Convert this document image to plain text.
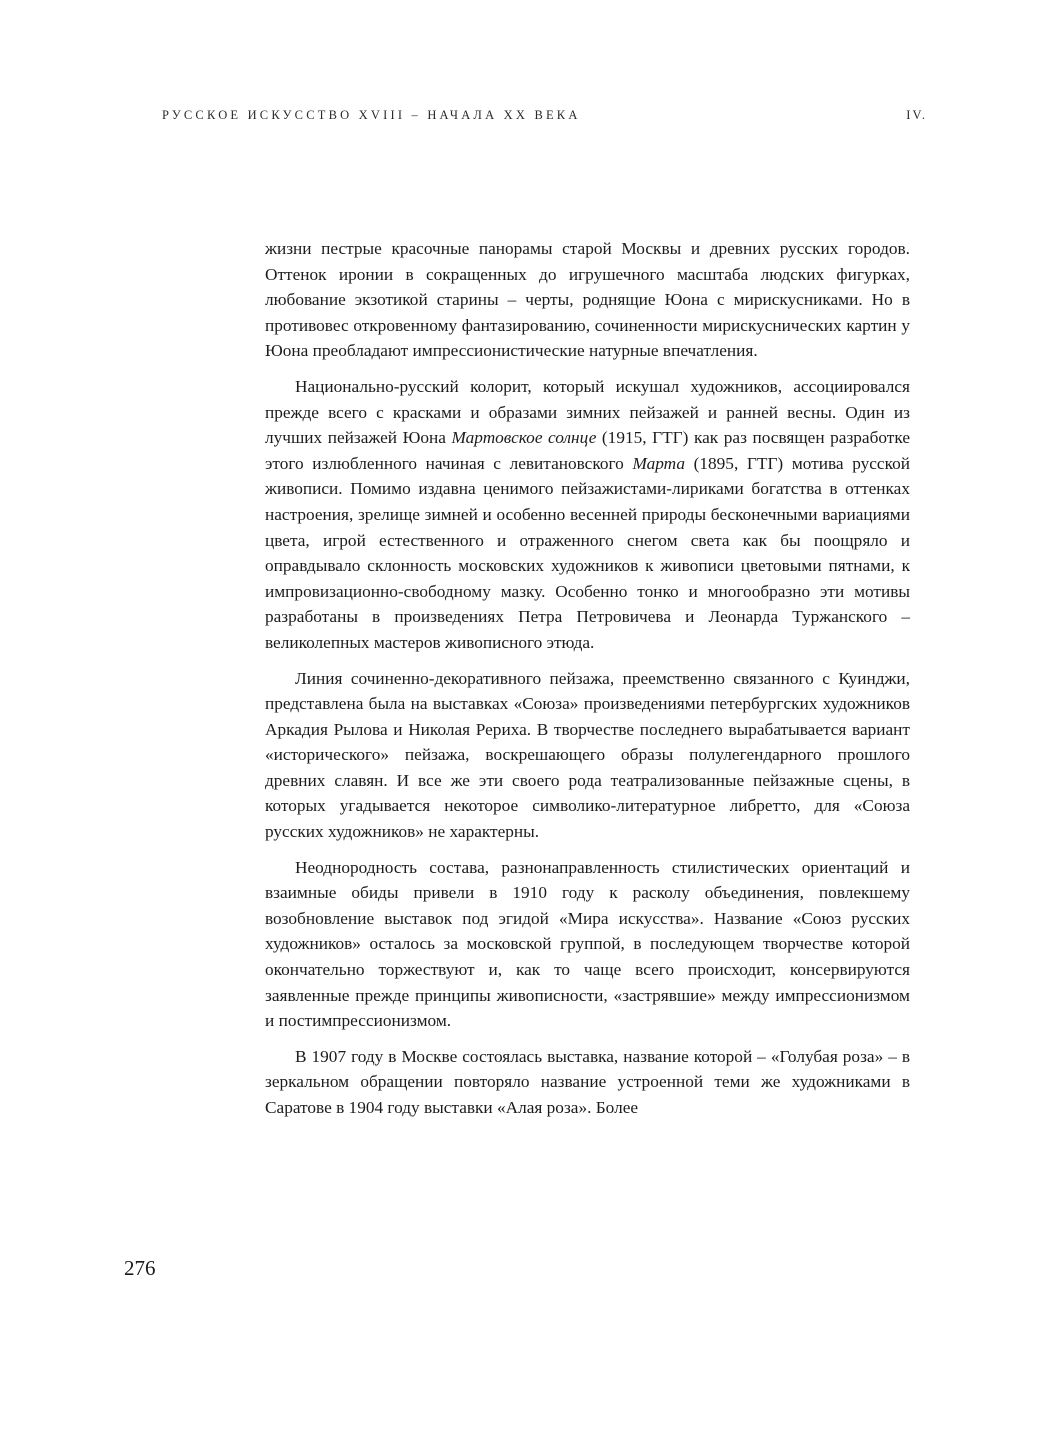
РУССКОЕ ИСКУССТВО XVIII – НАЧАЛА XX ВЕКА	IV.

жизни пестрые красочные панорамы старой Москвы и древних русских городов. Оттенок иронии в сокращенных до игрушечного масштаба людских фигурках, любование экзотикой старины – черты, роднящие Юона с мирискусниками. Но в противовес откровенному фантазированию, сочиненности мирискуснических картин у Юона преобладают импрессионистические натурные впечатления.

Национально-русский колорит, который искушал художников, ассоциировался прежде всего с красками и образами зимних пейзажей и ранней весны. Один из лучших пейзажей Юона Мартовское солнце (1915, ГТГ) как раз посвящен разработке этого излюбленного начиная с левитановского Марта (1895, ГТГ) мотива русской живописи. Помимо издавна ценимого пейзажистами-лириками богатства в оттенках настроения, зрелище зимней и особенно весенней природы бесконечными вариациями цвета, игрой естественного и отраженного снегом света как бы поощряло и оправдывало склонность московских художников к живописи цветовыми пятнами, к импровизационно-свободному мазку. Особенно тонко и многообразно эти мотивы разработаны в произведениях Петра Петровичева и Леонарда Туржанского – великолепных мастеров живописного этюда.

Линия сочиненно-декоративного пейзажа, преемственно связанного с Куинджи, представлена была на выставках «Союза» произведениями петербургских художников Аркадия Рылова и Николая Рериха. В творчестве последнего вырабатывается вариант «исторического» пейзажа, воскрешающего образы полулегендарного прошлого древних славян. И все же эти своего рода театрализованные пейзажные сцены, в которых угадывается некоторое символико-литературное либретто, для «Союза русских художников» не характерны.

Неоднородность состава, разнонаправленность стилистических ориентаций и взаимные обиды привели в 1910 году к расколу объединения, повлекшему возобновление выставок под эгидой «Мира искусства». Название «Союз русских художников» осталось за московской группой, в последующем творчестве которой окончательно торжествуют и, как то чаще всего происходит, консервируются заявленные прежде принципы живописности, «застрявшие» между импрессионизмом и постимпрессионизмом.

В 1907 году в Москве состоялась выставка, название которой – «Голубая роза» – в зеркальном обращении повторяло название устроенной теми же художниками в Саратове в 1904 году выставки «Алая роза». Более

276
